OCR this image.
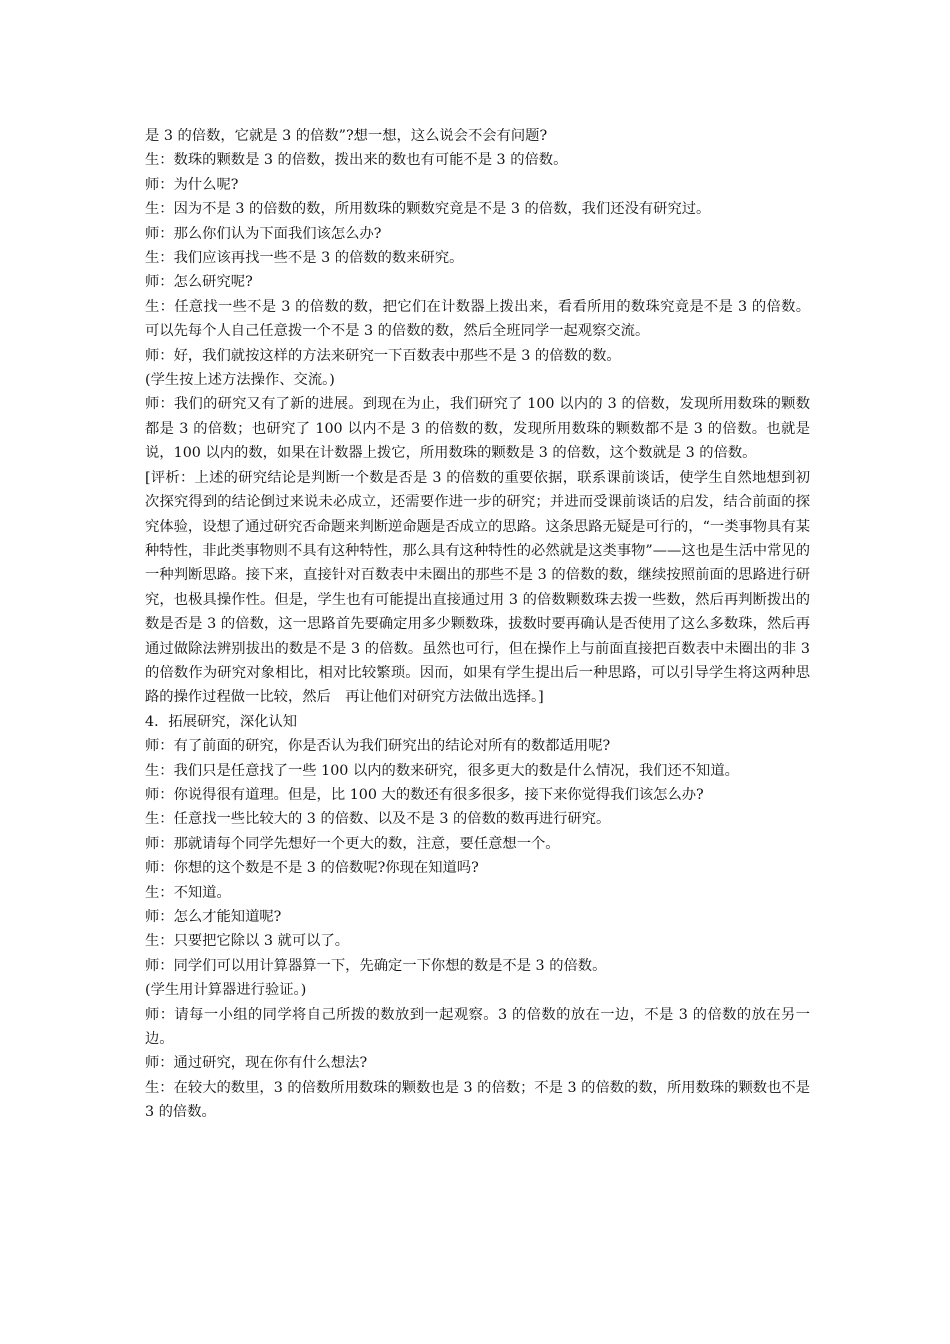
是 3 的倍数，它就是 3 的倍数”?想一想，这么说会不会有问题?

生：数珠的颗数是 3 的倍数，拨出来的数也有可能不是 3 的倍数。

师：为什么呢?

生：因为不是 3 的倍数的数，所用数珠的颗数究竟是不是 3 的倍数，我们还没有研究过。

师：那么你们认为下面我们该怎么办?

生：我们应该再找一些不是 3 的倍数的数来研究。

师：怎么研究呢?

生：任意找一些不是 3 的倍数的数，把它们在计数器上拨出来，看看所用的数珠究竟是不是 3 的倍数。可以先每个人自己任意拨一个不是 3 的倍数的数，然后全班同学一起观察交流。

师：好，我们就按这样的方法来研究一下百数表中那些不是 3 的倍数的数。

(学生按上述方法操作、交流。)

师：我们的研究又有了新的进展。到现在为止，我们研究了 100 以内的 3 的倍数，发现所用数珠的颗数都是 3 的倍数；也研究了 100 以内不是 3 的倍数的数，发现所用数珠的颗数都不是 3 的倍数。也就是说，100 以内的数，如果在计数器上拨它，所用数珠的颗数是 3 的倍数，这个数就是 3 的倍数。

[评析：上述的研究结论是判断一个数是否是 3 的倍数的重要依据，联系课前谈话，使学生自然地想到初次探究得到的结论倒过来说未必成立，还需要作进一步的研究；并进而受课前谈话的启发，结合前面的探究体验，设想了通过研究否命题来判断逆命题是否成立的思路。这条思路无疑是可行的，“一类事物具有某种特性，非此类事物则不具有这种特性，那么具有这种特性的必然就是这类事物”——这也是生活中常见的一种判断思路。接下来，直接针对百数表中未圈出的那些不是 3 的倍数的数，继续按照前面的思路进行研究，也极具操作性。但是，学生也有可能提出直接通过用 3 的倍数颗数珠去拨一些数，然后再判断拨出的数是否是 3 的倍数，这一思路首先要确定用多少颗数珠，拔数时要再确认是否使用了这么多数珠，然后再通过做除法辨别拔出的数是不是 3 的倍数。虽然也可行，但在操作上与前面直接把百数表中未圈出的非 3 的倍数作为研究对象相比，相对比较繁琐。因而，如果有学生提出后一种思路，可以引导学生将这两种思路的操作过程做一比较，然后　再让他们对研究方法做出选择。]

4．拓展研究，深化认知

师：有了前面的研究，你是否认为我们研究出的结论对所有的数都适用呢?

生：我们只是任意找了一些 100 以内的数来研究，很多更大的数是什么情况，我们还不知道。

师：你说得很有道理。但是，比 100 大的数还有很多很多，接下来你觉得我们该怎么办?

生：任意找一些比较大的 3 的倍数、以及不是 3 的倍数的数再进行研究。

师：那就请每个同学先想好一个更大的数，注意，要任意想一个。

师：你想的这个数是不是 3 的倍数呢?你现在知道吗?

生：不知道。

师：怎么才能知道呢?

生：只要把它除以 3 就可以了。

师：同学们可以用计算器算一下，先确定一下你想的数是不是 3 的倍数。

(学生用计算器进行验证。)

师：请每一小组的同学将自己所拨的数放到一起观察。3 的倍数的放在一边，不是 3 的倍数的放在另一边。

师：通过研究，现在你有什么想法?

生：在较大的数里，3 的倍数所用数珠的颗数也是 3 的倍数；不是 3 的倍数的数，所用数珠的颗数也不是 3 的倍数。
